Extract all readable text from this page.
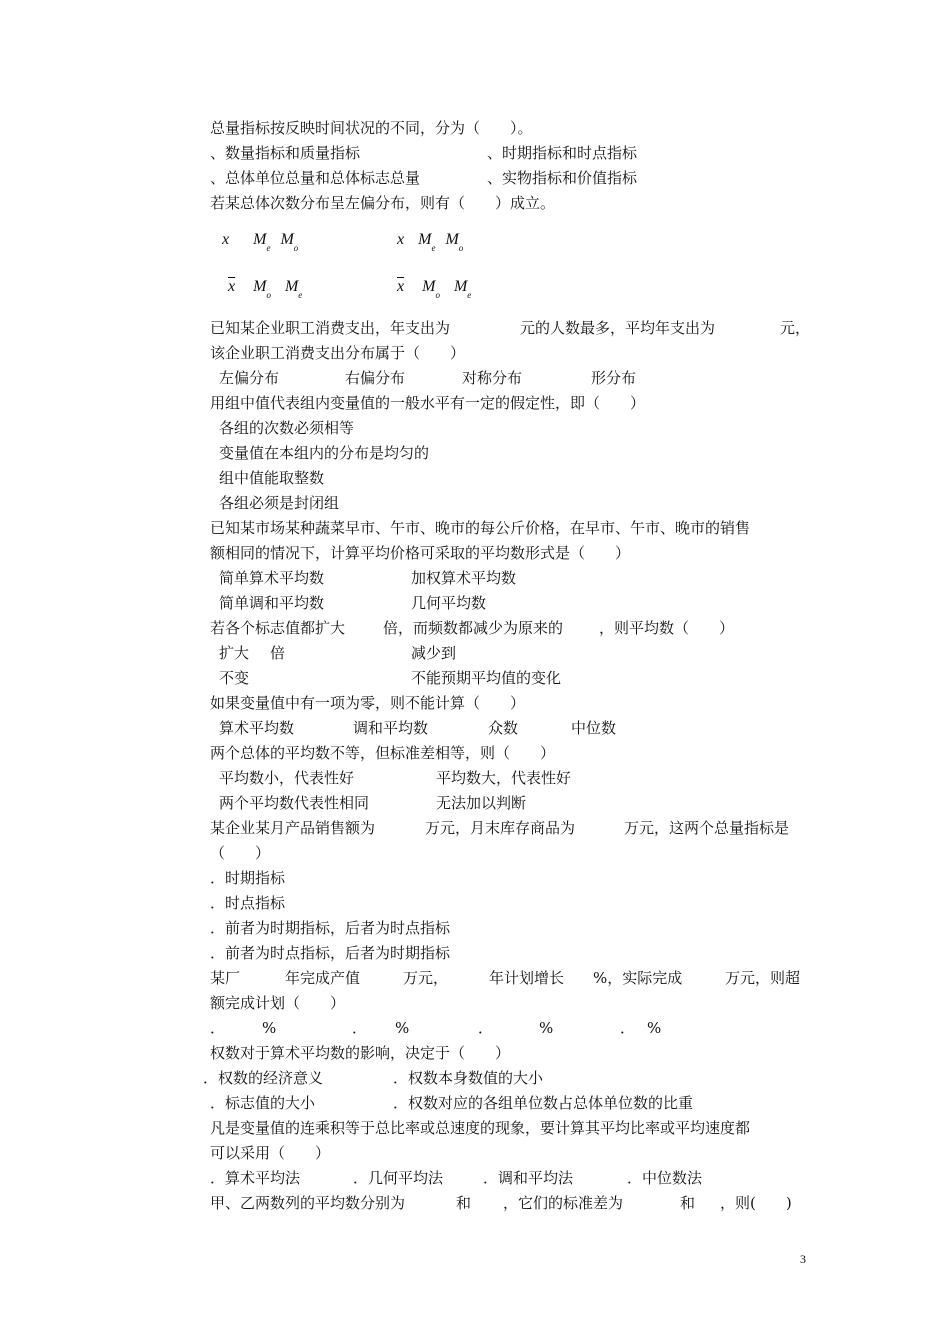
总量指标按反映时间状况的不同，分为（　　）。
、数量指标和质量指标	、时期指标和时点指标
、总体单位总量和总体标志总量	、实物指标和价值指标
若某总体次数分布呈左偏分布，则有（　　）成立。
x $M_e$ $M_o$	x $M_e$ $M_o$
$\overline{x}$ $M_o$ $M_e$	$\overline{x}$ $M_o$ $M_e$
已知某企业职工消费支出，年支出为	元的人数最多，平均年支出为	元，
该企业职工消费支出分布属于（　　）
左偏分布	右偏分布	对称分布	形分布
用组中值代表组内变量值的一般水平有一定的假定性，即（　　）
各组的次数必须相等
变量值在本组内的分布是均匀的
组中值能取整数
各组必须是封闭组
已知某市场某种蔬菜早市、午市、晚市的每公斤价格，在早市、午市、晚市的销售
额相同的情况下，计算平均价格可采取的平均数形式是（　　）
简单算术平均数	加权算术平均数
简单调和平均数	几何平均数
若各个标志值都扩大	倍，而频数都减少为原来的 ，则平均数（　　）
扩大 倍	减少到
不变	不能预期平均值的变化
如果变量值中有一项为零，则不能计算（　　）
算术平均数	调和平均数	众数	中位数
两个总体的平均数不等，但标准差相等，则（　　）
平均数小，代表性好	平均数大，代表性好
两个平均数代表性相同	无法加以判断
某企业某月产品销售额为	万元，月末库存商品为	万元，这两个总量指标是
（　　）
．时期指标
．时点指标
．前者为时期指标，后者为时点指标
．前者为时点指标，后者为时期指标
某厂	年完成产值	万元，	年计划增长 %，实际完成	万元，则超
额完成计划（　　）
． %	． %	．	%	． %
权数对于算术平均数的影响，决定于（　　）
．权数的经济意义	．权数本身数值的大小
．标志值的大小	．权数对应的各组单位数占总体单位数的比重
凡是变量值的连乘积等于总比率或总速度的现象，要计算其平均比率或平均速度都
可以采用（　　）
．算术平均法	．几何平均法	．调和平均法	．中位数法
甲、乙两数列的平均数分别为	和 ，它们的标准差为	和 ，则(　　)
3
